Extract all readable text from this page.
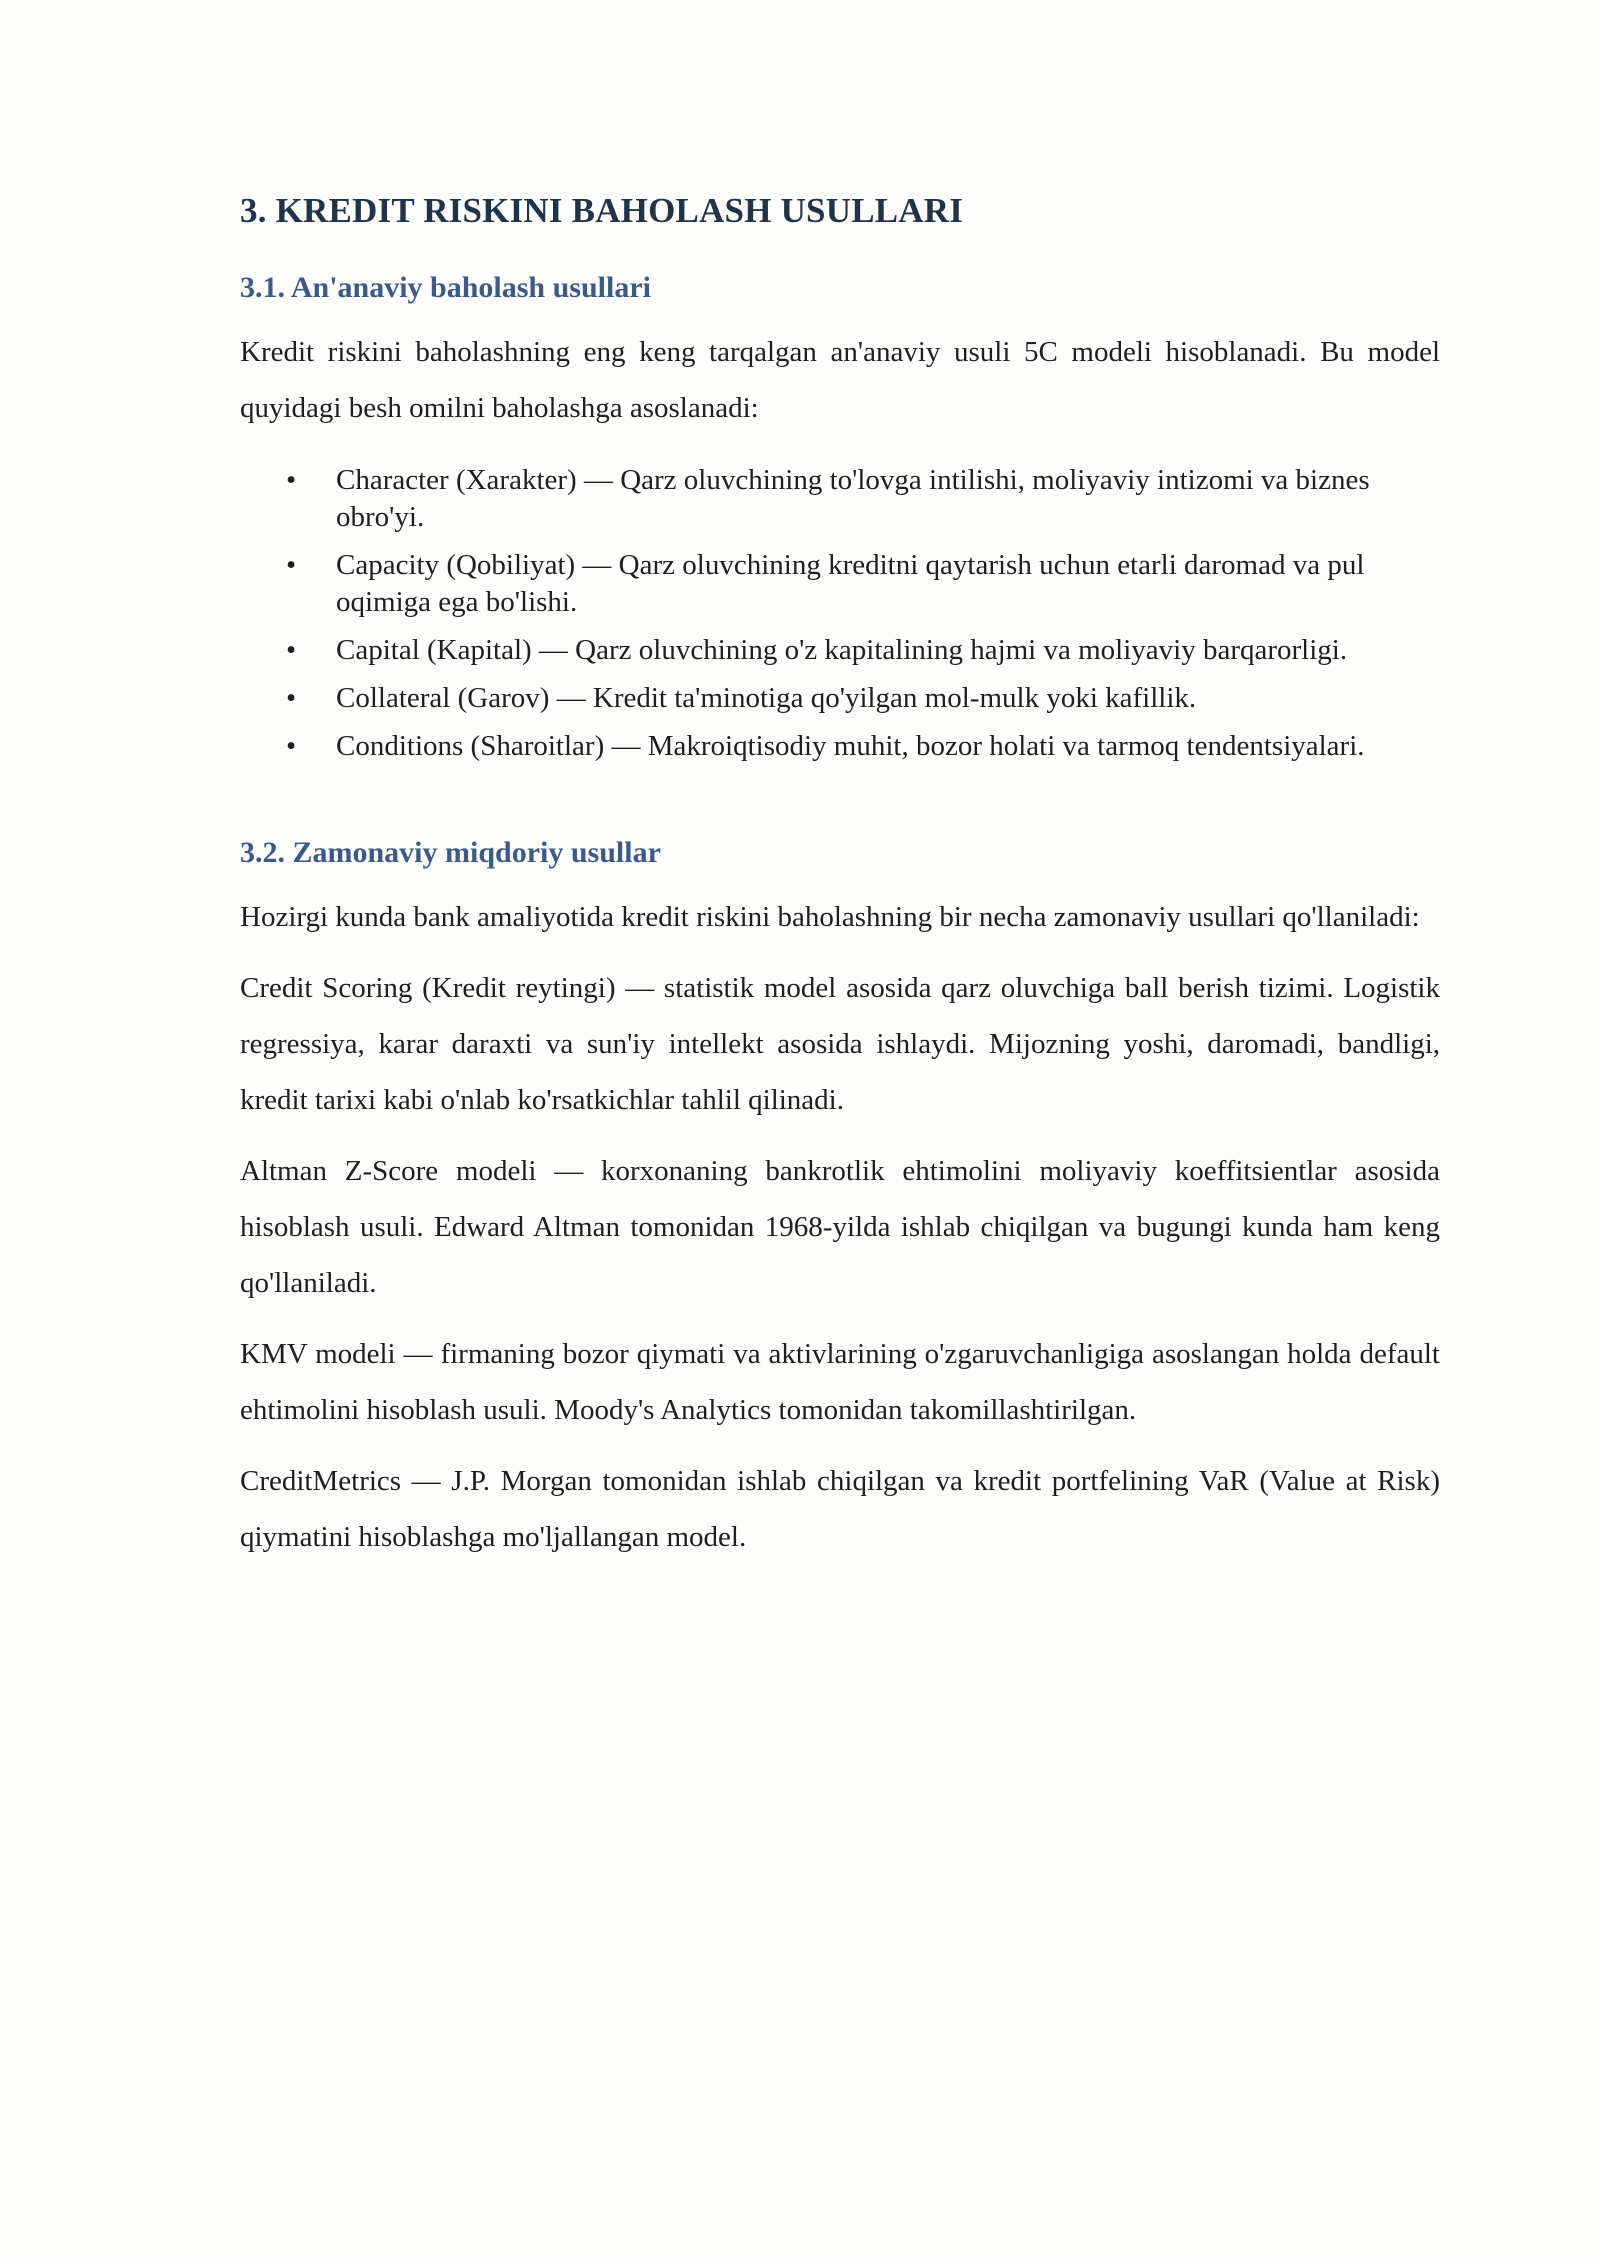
3. KREDIT RISKINI BAHOLASH USULLARI
3.1. An'anaviy baholash usullari

Kredit riskini baholashning eng keng tarqalgan an'anaviy usuli 5C modeli hisoblanadi. Bu model quyidagi besh omilni baholashga asoslanadi:

• Character (Xarakter) — Qarz oluvchining to'lovga intilishi, moliyaviy intizomi va biznes obro'yi.
• Capacity (Qobiliyat) — Qarz oluvchining kreditni qaytarish uchun etarli daromad va pul oqimiga ega bo'lishi.
• Capital (Kapital) — Qarz oluvchining o'z kapitalining hajmi va moliyaviy barqarorligi.
• Collateral (Garov) — Kredit ta'minotiga qo'yilgan mol-mulk yoki kafillik.
• Conditions (Sharoitlar) — Makroiqtisodiy muhit, bozor holati va tarmoq tendentsiyalari.
3.2. Zamonaviy miqdoriy usullar

Hozirgi kunda bank amaliyotida kredit riskini baholashning bir necha zamonaviy usullari qo'llaniladi:

Credit Scoring (Kredit reytingi) — statistik model asosida qarz oluvchiga ball berish tizimi. Logistik regressiya, karar daraxti va sun'iy intellekt asosida ishlaydi. Mijozning yoshi, daromadi, bandligi, kredit tarixi kabi o'nlab ko'rsatkichlar tahlil qilinadi.

Altman Z-Score modeli — korxonaning bankrotlik ehtimolini moliyaviy koeffitsientlar asosida hisoblash usuli. Edward Altman tomonidan 1968-yilda ishlab chiqilgan va bugungi kunda ham keng qo'llaniladi.

KMV modeli — firmaning bozor qiymati va aktivlarining o'zgaruvchanligiga asoslangan holda default ehtimolini hisoblash usuli. Moody's Analytics tomonidan takomillashtirilgan.

CreditMetrics — J.P. Morgan tomonidan ishlab chiqilgan va kredit portfelining VaR (Value at Risk) qiymatini hisoblashga mo'ljallangan model.
